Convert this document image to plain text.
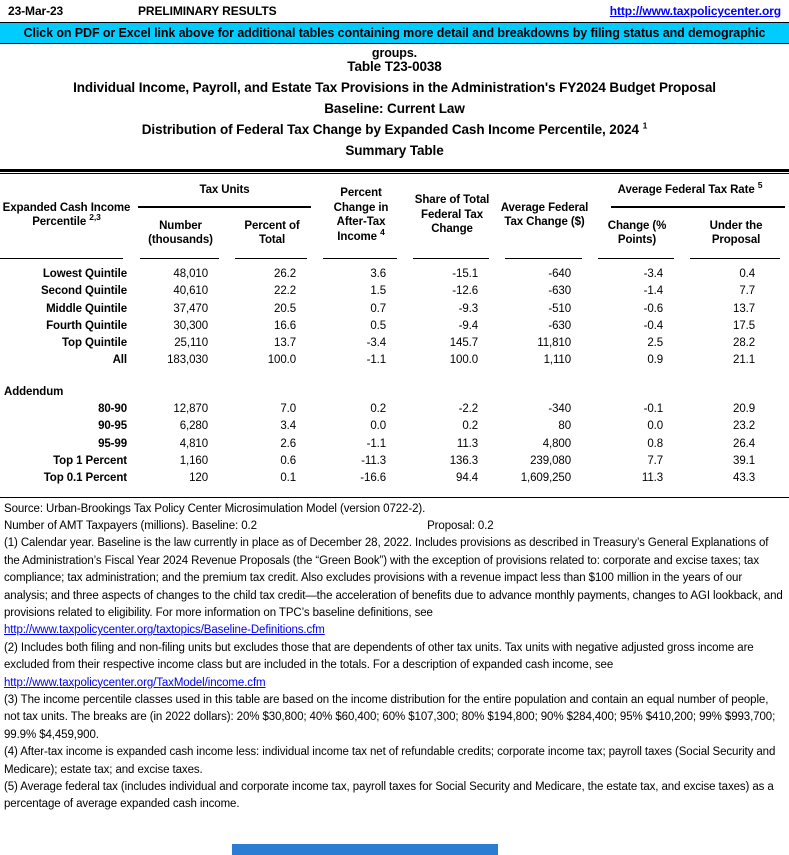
23-Mar-23	PRELIMINARY RESULTS	http://www.taxpolicycenter.org
Click on PDF or Excel link above for additional tables containing more detail and breakdowns by filing status and demographic groups.
Table T23-0038
Individual Income, Payroll, and Estate Tax Provisions in the Administration's FY2024 Budget Proposal
Baseline: Current Law
Distribution of Federal Tax Change by Expanded Cash Income Percentile, 2024 $^1$
Summary Table
Expanded Cash Income
Percentile $^{2,3}$	Tax Units		Percent Change in After-Tax Income $^4$	Share of Total Federal Tax Change	Average Federal Tax Change ($)	Average Federal Tax Rate $^5$
	Number (thousands)	Percent of Total				Change (% Points)	Under the Proposal
Lowest Quintile	48,010	26.2	3.6	-15.1	-640	-3.4	0.4
Second Quintile	40,610	22.2	1.5	-12.6	-630	-1.4	7.7
Middle Quintile	37,470	20.5	0.7	-9.3	-510	-0.6	13.7
Fourth Quintile	30,300	16.6	0.5	-9.4	-630	-0.4	17.5
Top Quintile	25,110	13.7	-3.4	145.7	11,810	2.5	28.2
All	183,030	100.0	-1.1	100.0	1,110	0.9	21.1

Addendum							
80-90	12,870	7.0	0.2	-2.2	-340	-0.1	20.9
90-95	6,280	3.4	0.0	0.2	80	0.0	23.2
95-99	4,810	2.6	-1.1	11.3	4,800	0.8	26.4
Top 1 Percent	1,160	0.6	-11.3	136.3	239,080	7.7	39.1
Top 0.1 Percent	120	0.1	-16.6	94.4	1,609,250	11.3	43.3
Source: Urban-Brookings Tax Policy Center Microsimulation Model (version 0722-2).
Number of AMT Taxpayers (millions). Baseline: 0.2	Proposal: 0.2
(1) Calendar year. Baseline is the law currently in place as of December 28, 2022. Includes provisions as described in Treasury’s General Explanations of the Administration’s Fiscal Year 2024 Revenue Proposals (the “Green Book”) with the exception of provisions related to: corporate and excise taxes; tax compliance; tax administration; and the premium tax credit. Also excludes provisions with a revenue impact less than $100 million in the years of our analysis; and three aspects of changes to the child tax credit—the acceleration of benefits due to advance monthly payments, changes to AGI lookback, and provisions related to eligibility. For more information on TPC’s baseline definitions, see
http://www.taxpolicycenter.org/taxtopics/Baseline-Definitions.cfm
(2) Includes both filing and non-filing units but excludes those that are dependents of other tax units. Tax units with negative adjusted gross income are excluded from their respective income class but are included in the totals. For a description of expanded cash income, see
http://www.taxpolicycenter.org/TaxModel/income.cfm
(3) The income percentile classes used in this table are based on the income distribution for the entire population and contain an equal number of people, not tax units. The breaks are (in 2022 dollars): 20% $30,800; 40% $60,400; 60% $107,300; 80% $194,800; 90% $284,400; 95% $410,200; 99% $993,700; 99.9% $4,459,900.
(4) After-tax income is expanded cash income less: individual income tax net of refundable credits; corporate income tax; payroll taxes (Social Security and Medicare); estate tax; and excise taxes.
(5) Average federal tax (includes individual and corporate income tax, payroll taxes for Social Security and Medicare, the estate tax, and excise taxes) as a percentage of average expanded cash income.
